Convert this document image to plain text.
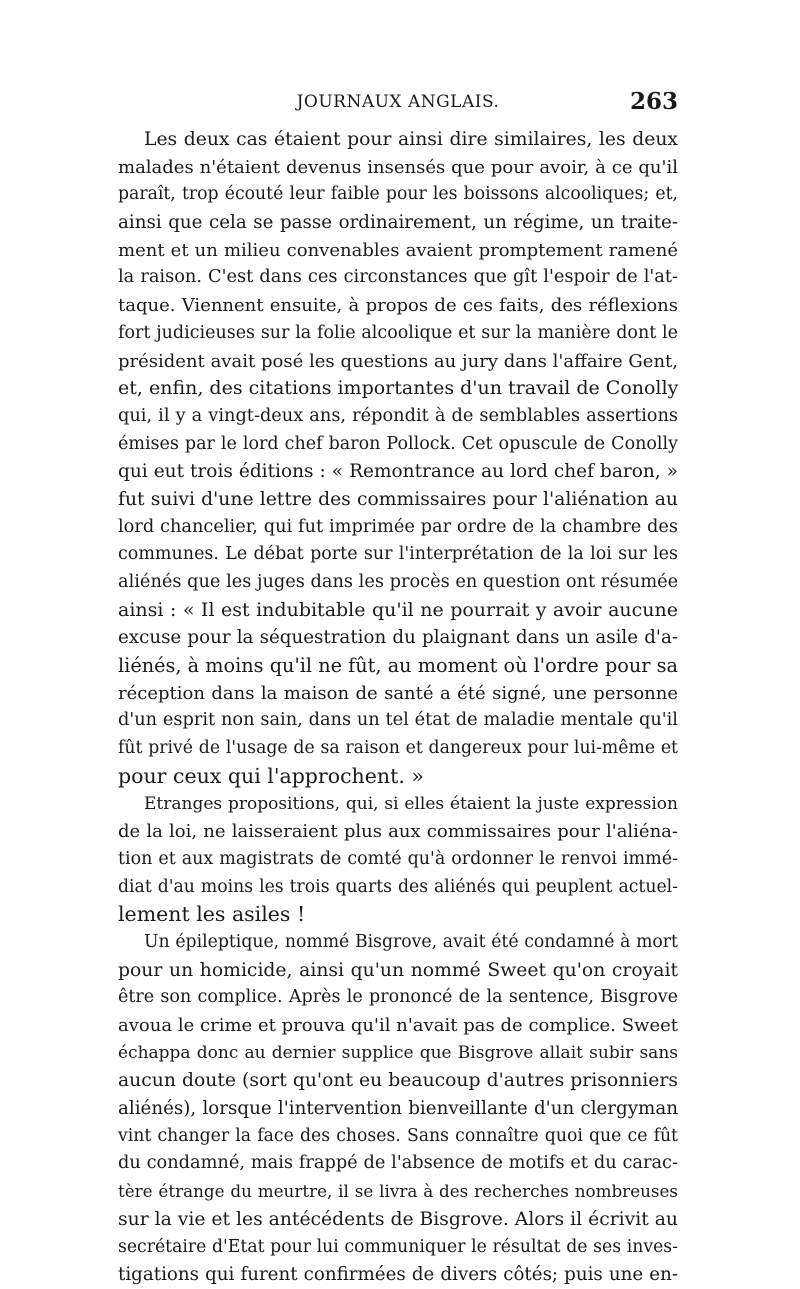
JOURNAUX ANGLAIS.	263
Les deux cas étaient pour ainsi dire similaires, les deux
malades n'étaient devenus insensés que pour avoir, à ce qu'il
paraît, trop écouté leur faible pour les boissons alcooliques; et,
ainsi que cela se passe ordinairement, un régime, un traite-
ment et un milieu convenables avaient promptement ramené
la raison. C'est dans ces circonstances que gît l'espoir de l'at-
taque. Viennent ensuite, à propos de ces faits, des réflexions
fort judicieuses sur la folie alcoolique et sur la manière dont le
président avait posé les questions au jury dans l'affaire Gent,
et, enfin, des citations importantes d'un travail de Conolly
qui, il y a vingt-deux ans, répondit à de semblables assertions
émises par le lord chef baron Pollock. Cet opuscule de Conolly
qui eut trois éditions : « Remontrance au lord chef baron, »
fut suivi d'une lettre des commissaires pour l'aliénation au
lord chancelier, qui fut imprimée par ordre de la chambre des
communes. Le débat porte sur l'interprétation de la loi sur les
aliénés que les juges dans les procès en question ont résumée
ainsi : « Il est indubitable qu'il ne pourrait y avoir aucune
excuse pour la séquestration du plaignant dans un asile d'a-
liénés, à moins qu'il ne fût, au moment où l'ordre pour sa
réception dans la maison de santé a été signé, une personne
d'un esprit non sain, dans un tel état de maladie mentale qu'il
fût privé de l'usage de sa raison et dangereux pour lui-même et
pour ceux qui l'approchent. »
Etranges propositions, qui, si elles étaient la juste expression
de la loi, ne laisseraient plus aux commissaires pour l'aliéna-
tion et aux magistrats de comté qu'à ordonner le renvoi immé-
diat d'au moins les trois quarts des aliénés qui peuplent actuel-
lement les asiles !
Un épileptique, nommé Bisgrove, avait été condamné à mort
pour un homicide, ainsi qu'un nommé Sweet qu'on croyait
être son complice. Après le prononcé de la sentence, Bisgrove
avoua le crime et prouva qu'il n'avait pas de complice. Sweet
échappa donc au dernier supplice que Bisgrove allait subir sans
aucun doute (sort qu'ont eu beaucoup d'autres prisonniers
aliénés), lorsque l'intervention bienveillante d'un clergyman
vint changer la face des choses. Sans connaître quoi que ce fût
du condamné, mais frappé de l'absence de motifs et du carac-
tère étrange du meurtre, il se livra à des recherches nombreuses
sur la vie et les antécédents de Bisgrove. Alors il écrivit au
secrétaire d'Etat pour lui communiquer le résultat de ses inves-
tigations qui furent confirmées de divers côtés; puis une en-
